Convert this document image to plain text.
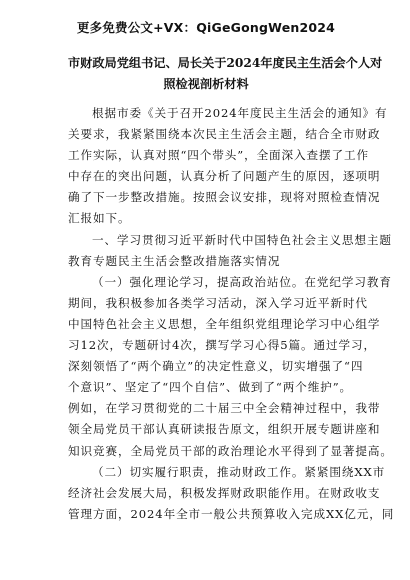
更多免费公文+VX：QiGeGongWen2024
市财政局党组书记、局长关于2024年度民主生活会个人对
照检视剖析材料
根据市委《关于召开2024年度民主生活会的通知》有
关要求，我紧紧围绕本次民主生活会主题，结合全市财政
工作实际，认真对照“四个带头”，全面深入查摆了工作
中存在的突出问题，认真分析了问题产生的原因，逐项明
确了下一步整改措施。按照会议安排，现将对照检查情况
汇报如下。
一、学习贯彻习近平新时代中国特色社会主义思想主题
教育专题民主生活会整改措施落实情况
（一）强化理论学习，提高政治站位。在党纪学习教育
期间，我积极参加各类学习活动，深入学习近平新时代
中国特色社会主义思想，全年组织党组理论学习中心组学
习12次，专题研讨4次，撰写学习心得5篇。通过学习，
深刻领悟了“两个确立”的决定性意义，切实增强了“四
个意识”、坚定了“四个自信”、做到了“两个维护”。
例如，在学习贯彻党的二十届三中全会精神过程中，我带
领全局党员干部认真研读报告原文，组织开展专题讲座和
知识竞赛，全局党员干部的政治理论水平得到了显著提高。
（二）切实履行职责，推动财政工作。紧紧围绕XX市
经济社会发展大局，积极发挥财政职能作用。在财政收支
管理方面，2024年全市一般公共预算收入完成XX亿元，同
